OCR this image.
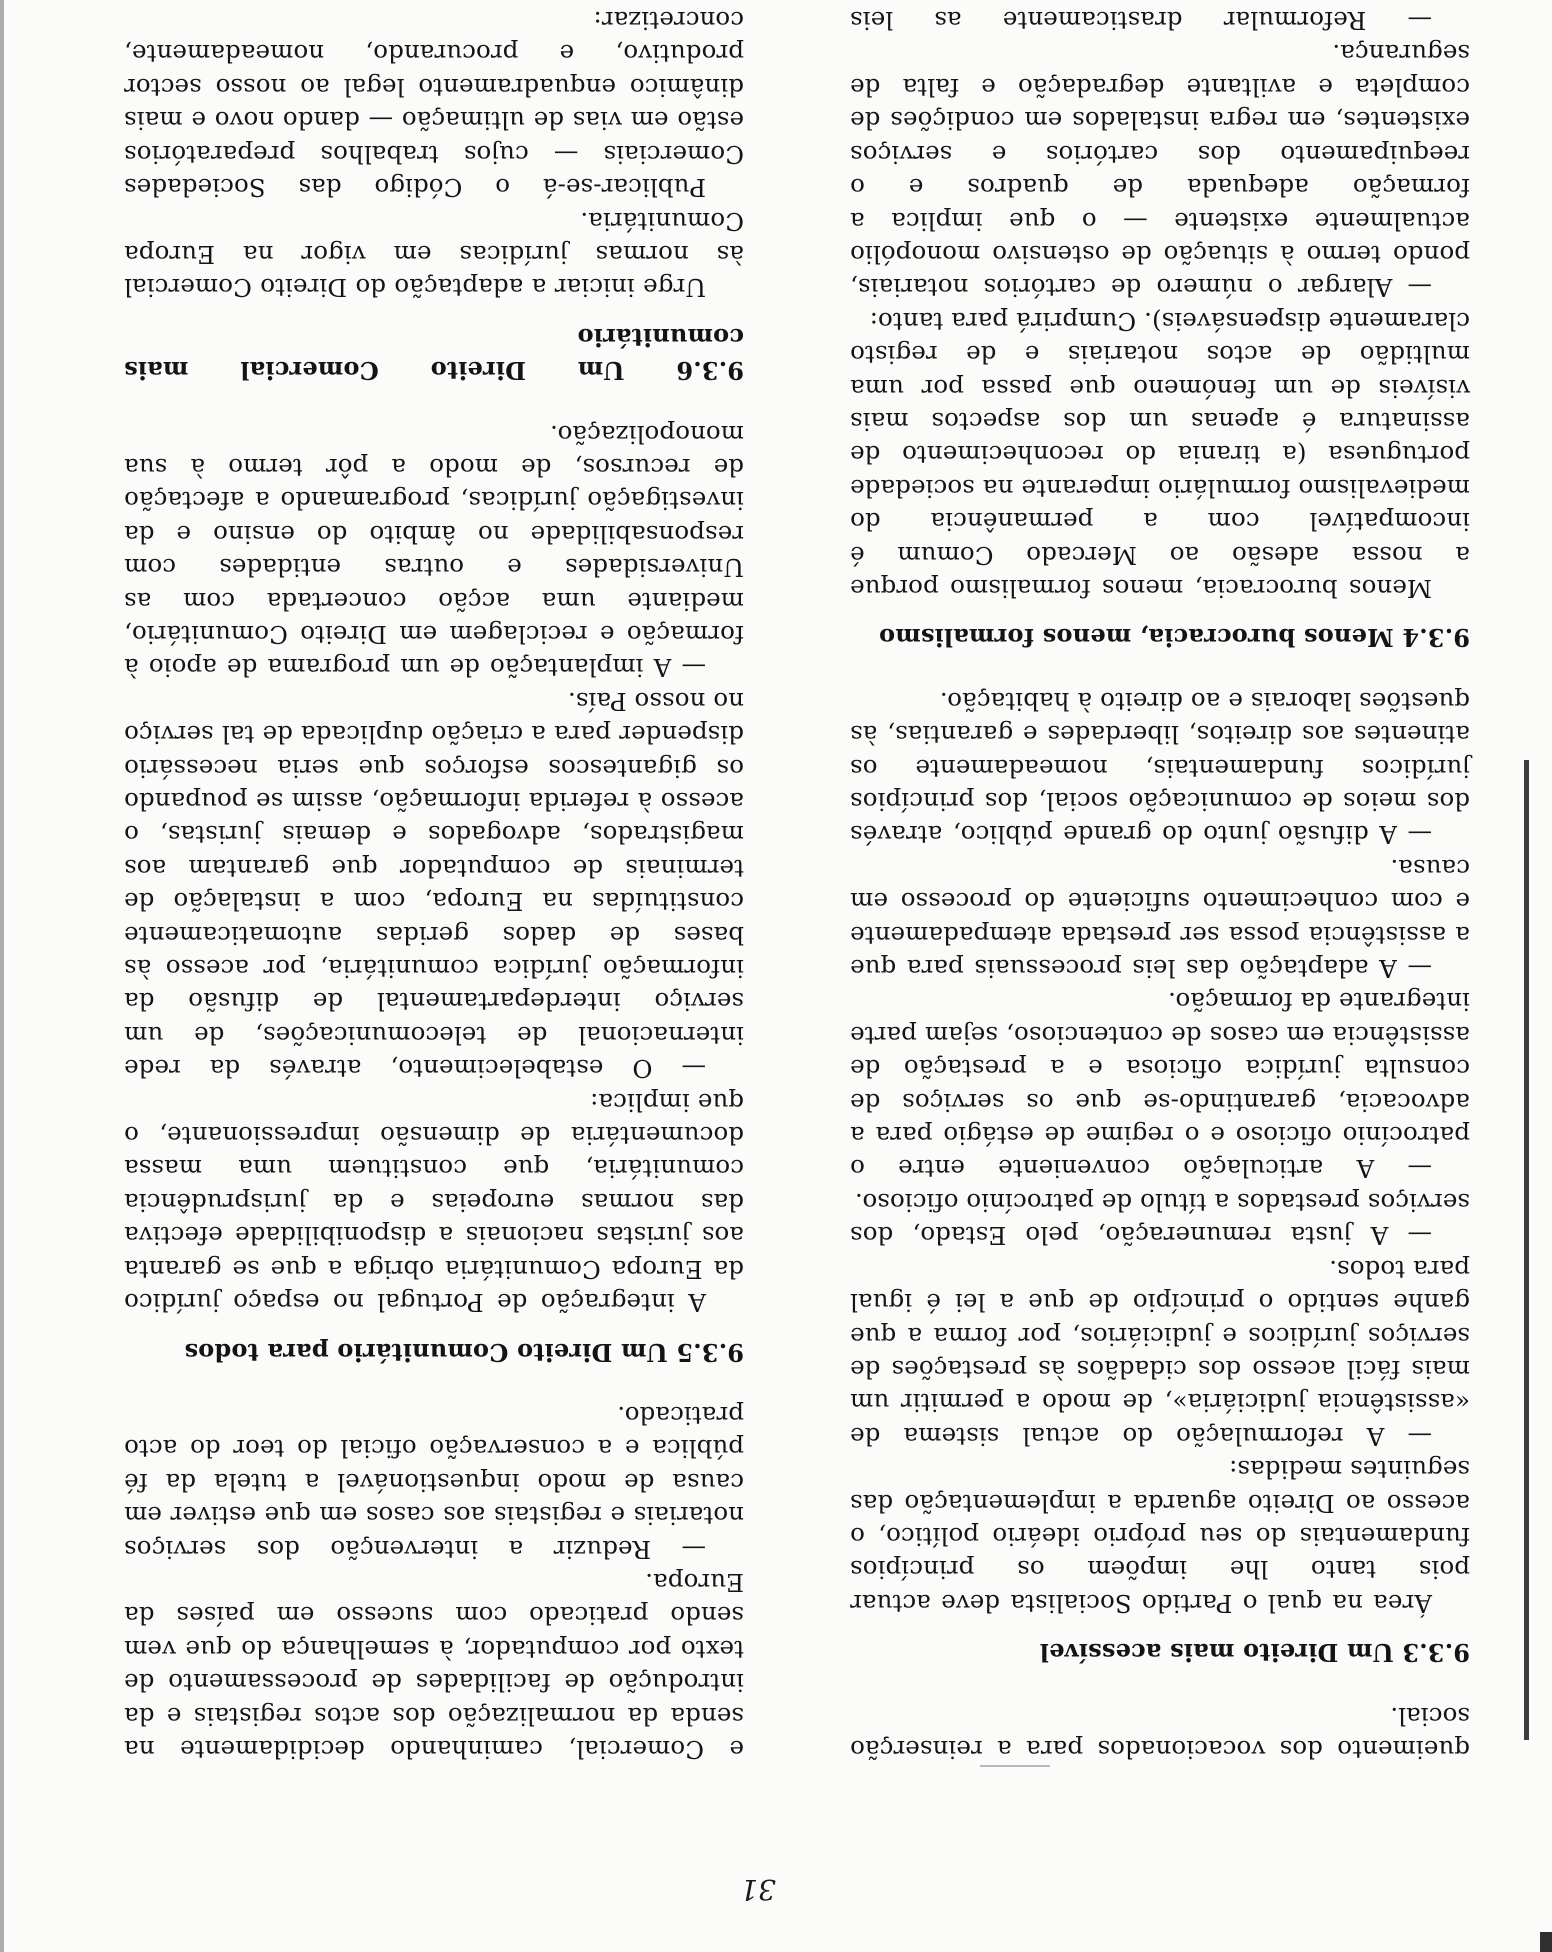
31

queimento dos vocacionados para a reinserção social.

9.3.3 Um Direito mais acessível

Área na qual o Partido Socialista deve actuar pois tanto lhe impõem os princípios fundamentais do seu próprio ideário político, o acesso ao Direito aguarda a implementação das seguintes medidas:

— A reformulação do actual sistema de «assistência judiciária», de modo a permitir um mais fácil acesso dos cidadãos às prestações de serviços jurídicos e judiciários, por forma a que ganhe sentido o princípio de que a lei é igual para todos.

— A justa remuneração, pelo Estado, dos serviços prestados a título de patrocínio oficioso.

— A articulação conveniente entre o patrocínio oficioso e o regime de estágio para a advocacia, garantindo-se que os serviços de consulta jurídica oficiosa e a prestação de assistência em casos de contencioso, sejam parte integrante da formação.

— A adaptação das leis processuais para que a assistência possa ser prestada atempadamente e com conhecimento suficiente do processo em causa.

— A difusão junto do grande público, através dos meios de comunicação social, dos princípios jurídicos fundamentais, nomeadamente os atinentes aos direitos, liberdades e garantias, às questões laborais e ao direito à habitação.

9.3.4 Menos burocracia, menos formalismo

Menos burocracia, menos formalismo porque a nossa adesão ao Mercado Comum é incompatível com a permanência do medievalismo formulário imperante na sociedade portuguesa (a tirania do reconhecimento de assinatura é apenas um dos aspectos mais visíveis de um fenómeno que passa por uma multidão de actos notariais e de registo claramente dispensáveis). Cumprirá para tanto:

— Alargar o número de cartórios notariais, pondo termo à situação de ostensivo monopólio actualmente existente — o que implica a formação adequada de quadros e o reequipamento dos cartórios e serviços existentes, em regra instalados em condições de completa e aviltante degradação e falta de segurança.

— Reformular drasticamente as leis

e Comercial, caminhando decididamente na senda da normalização dos actos registais e da introdução de facilidades de processamento de texto por computador, à semelhança do que vem sendo praticado com sucesso em países da Europa.

— Reduzir a intervenção dos serviços notariais e registais aos casos em que estiver em causa de modo inquestionável a tutela da fé pública e a conservação oficial do teor do acto praticado.

9.3.5 Um Direito Comunitário para todos

A integração de Portugal no espaço jurídico da Europa Comunitária obriga a que se garanta aos juristas nacionais a disponibilidade efectiva das normas europeias e da jurisprudência comunitária, que constituem uma massa documentária de dimensão impressionante, o que implica:

— O estabelecimento, através da rede internacional de telecomunicações, de um serviço interdepartamental de difusão da informação jurídica comunitária, por acesso às bases de dados geridas automaticamente constituídas na Europa, com a instalação de terminais de computador que garantam aos magistrados, advogados e demais juristas, o acesso à referida informação, assim se poupando os gigantescos esforços que seria necessário dispender para a criação duplicada de tal serviço no nosso País.

— A implantação de um programa de apoio à formação e reciclagem em Direito Comunitário, mediante uma acção concertada com as Universidades e outras entidades com responsabilidade no âmbito do ensino e da investigação jurídicas, programando a afectação de recursos, de modo a pôr termo à sua monopolização.

9.3.6 Um Direito Comercial mais comunitário

Urge iniciar a adaptação do Direito Comercial às normas jurídicas em vigor na Europa Comunitária.

Publicar-se-á o Código das Sociedades Comerciais — cujos trabalhos preparatórios estão em vias de ultimação — dando novo e mais dinâmico enquadramento legal ao nosso sector produtivo, e procurando, nomeadamente, concretizar:
